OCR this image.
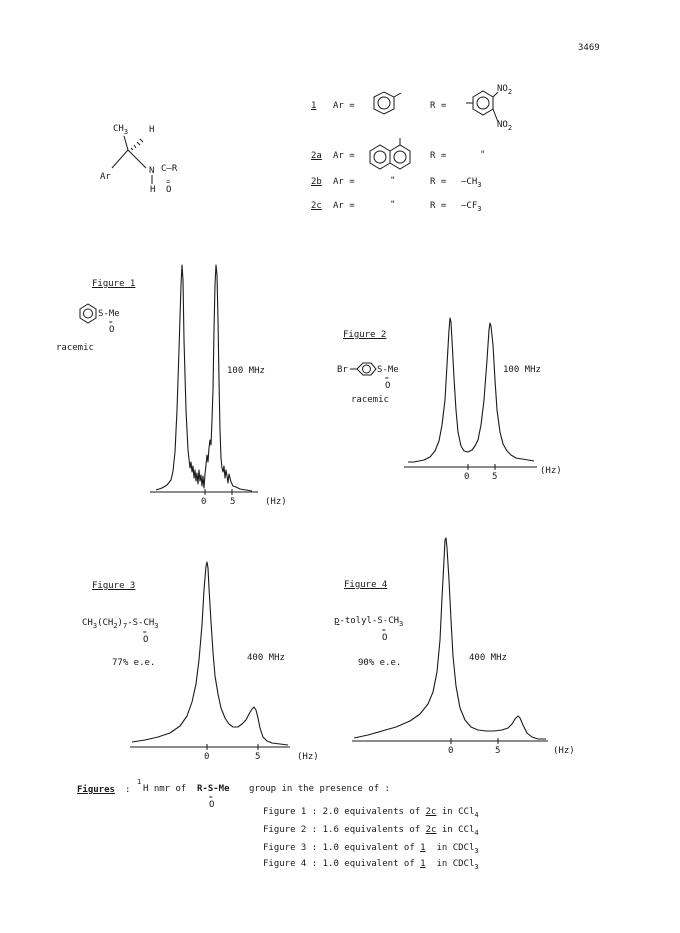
3469
$CH_3$ H
Ar
N C—R
H
=
O
1 Ar =	R =
$NO_2$
$NO_2$
2a Ar =	R =	"
2b Ar =	"	$R = —CH_3$
2c Ar =	"	$R = —CF_3$
Figure 1
S-Me
=
O
racemic
100 MHz
0	5	(Hz)
Figure 2
Br	S-Me
=
O
racemic
100 MHz
0	5
(Hz)
Figure 3
$CH_3(CH_2)_7-S-CH_3$
=
O
77% e.e.	400 MHz
0	5	(Hz)
Figure 4
$p-tolyl-S-CH_3$
=
O
90% e.e.	400 MHz
0	5	(Hz)
Figures :
1
H nmr of R-S-Me
=
O
group in the presence of :
Figure 1 : 2.0 equivalents of 2c in CCl$_4$
Figure 2 : 1.6 equivalents of 2c in CCl$_4$
Figure 3 : 1.0 equivalent of 1 in CDCl$_3$
Figure 4 : 1.0 equivalent of 1 in CDCl$_3$
